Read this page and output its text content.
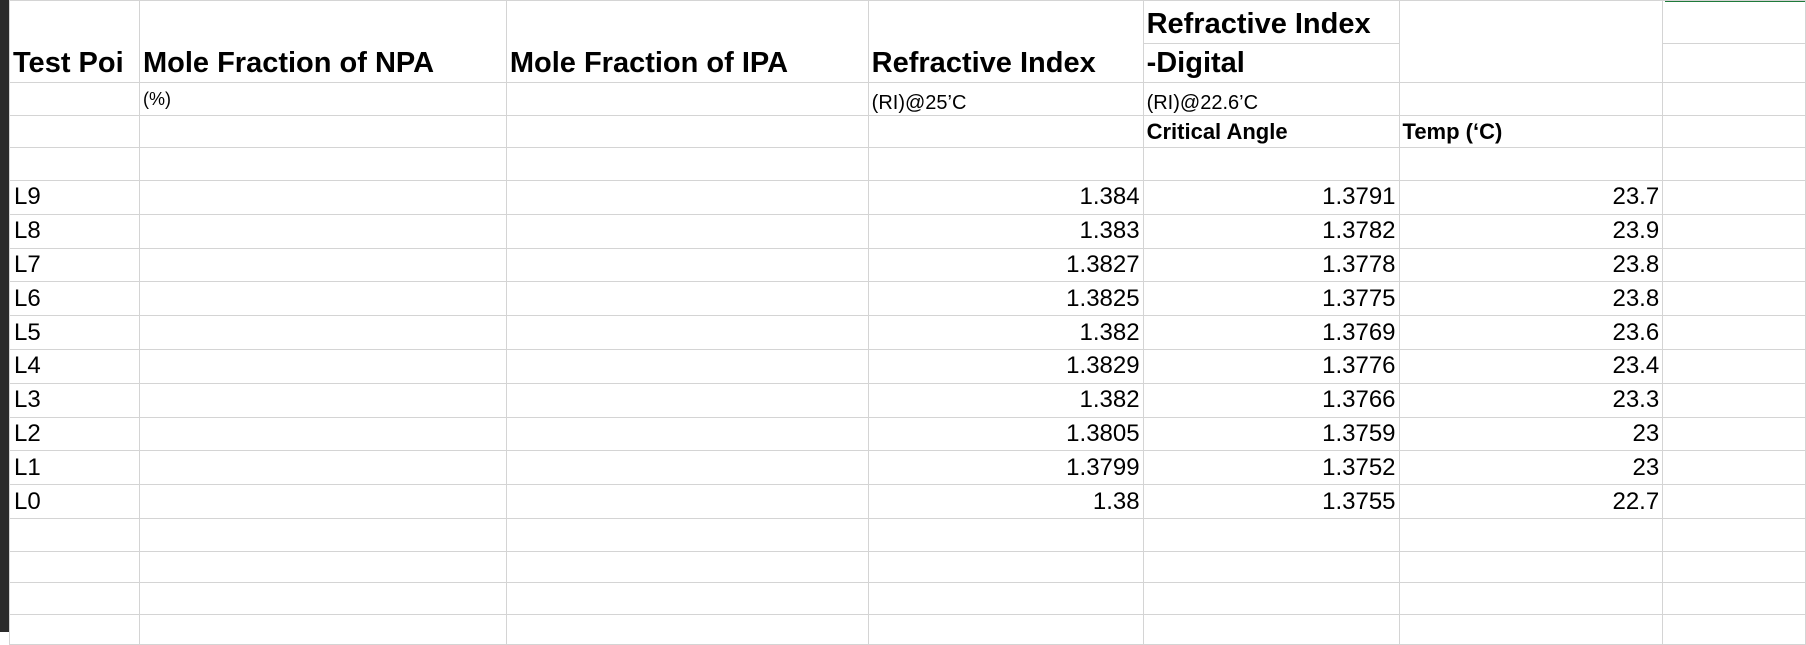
Test Poi	Mole Fraction of NPA	Mole Fraction of IPA	Refractive Index	Refractive Index		
				-Digital		
	(%)		(RI)@25’C	(RI)@22.6’C		
				Critical Angle	Temp (‘C)	

L9			1.384	1.3791	23.7	
L8			1.383	1.3782	23.9	
L7			1.3827	1.3778	23.8	
L6			1.3825	1.3775	23.8	
L5			1.382	1.3769	23.6	
L4			1.3829	1.3776	23.4	
L3			1.382	1.3766	23.3	
L2			1.3805	1.3759	23	
L1			1.3799	1.3752	23	
L0			1.38	1.3755	22.7	
